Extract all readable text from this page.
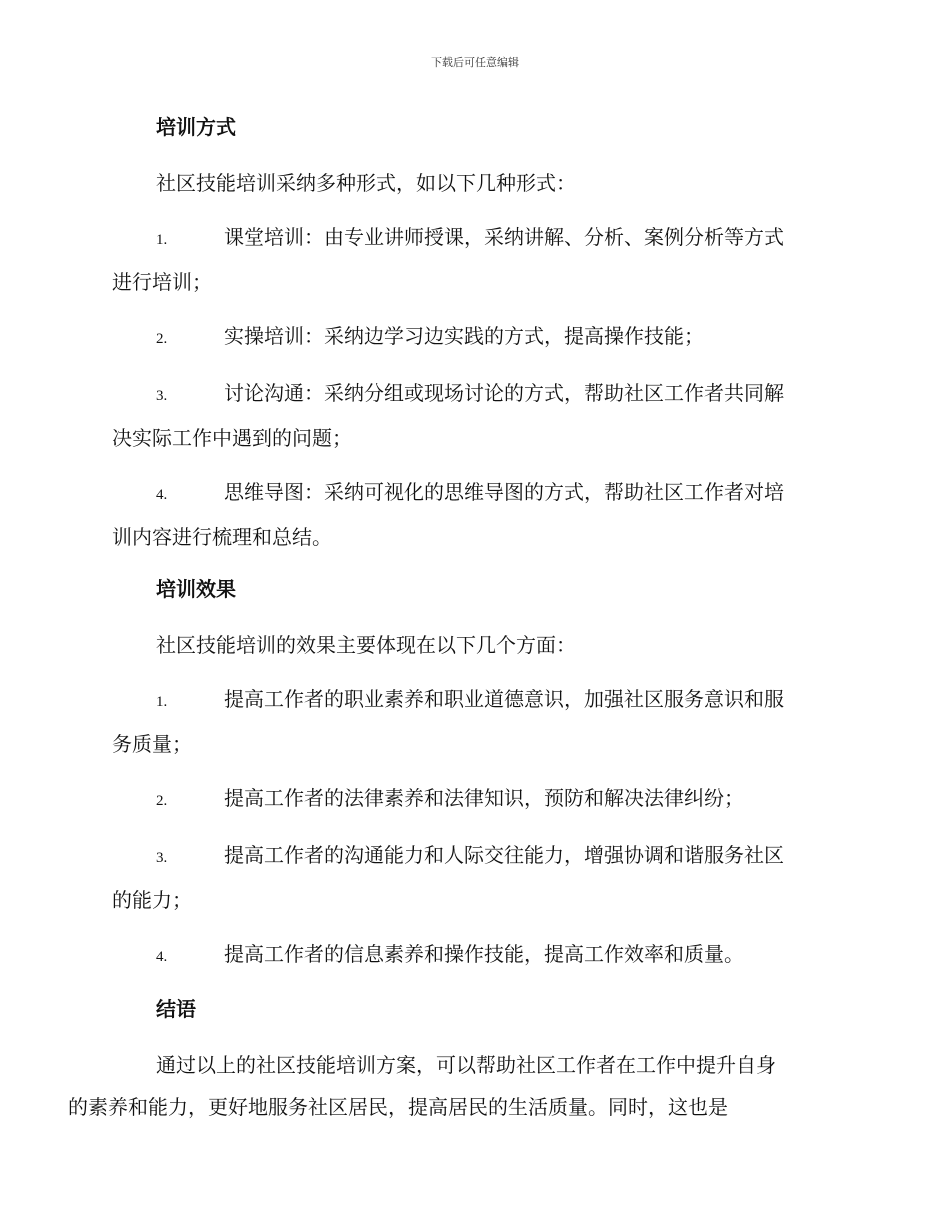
下载后可任意编辑
培训方式

社区技能培训采纳多种形式，如以下几种形式：

1.	课堂培训：由专业讲师授课，采纳讲解、分析、案例分析等方式
进行培训；
2.	实操培训：采纳边学习边实践的方式，提高操作技能；
3.	讨论沟通：采纳分组或现场讨论的方式，帮助社区工作者共同解
决实际工作中遇到的问题；
4.	思维导图：采纳可视化的思维导图的方式，帮助社区工作者对培
训内容进行梳理和总结。
培训效果

社区技能培训的效果主要体现在以下几个方面：

1.	提高工作者的职业素养和职业道德意识，加强社区服务意识和服
务质量；
2.	提高工作者的法律素养和法律知识，预防和解决法律纠纷；
3.	提高工作者的沟通能力和人际交往能力，增强协调和谐服务社区
的能力；
4.	提高工作者的信息素养和操作技能，提高工作效率和质量。
结语

通过以上的社区技能培训方案，可以帮助社区工作者在工作中提升自身
的素养和能力，更好地服务社区居民，提高居民的生活质量。同时，这也是
